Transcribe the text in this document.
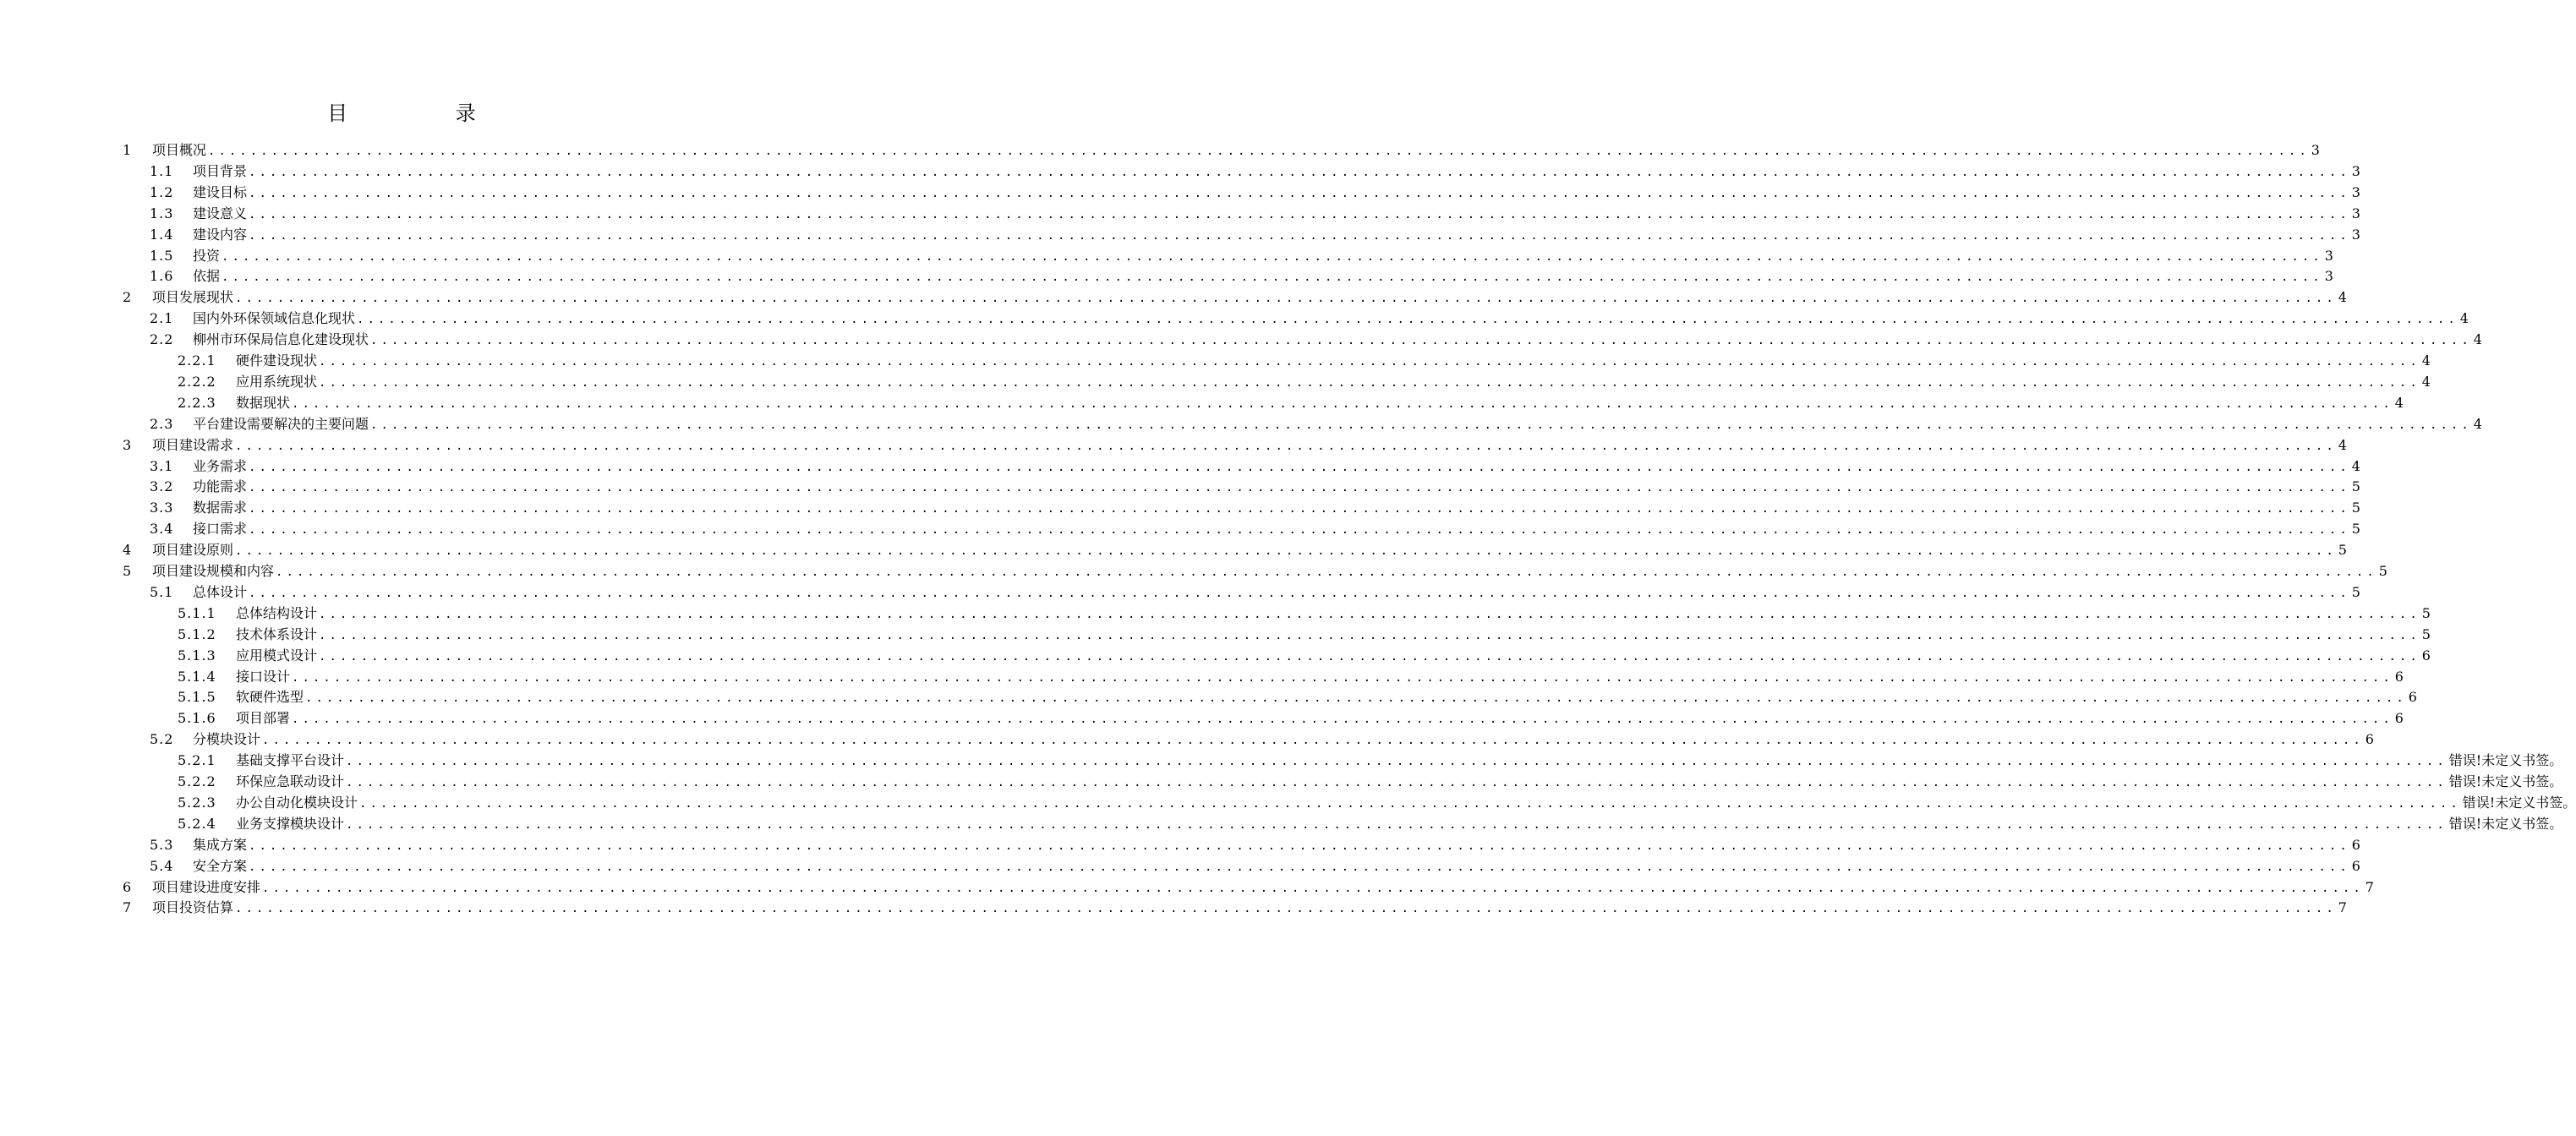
目 录
1	项目概况 ........................................................................................................................................................................................................ 3
1.1	项目背景 ........................................................................................................................................................................................................ 3
1.2	建设目标 ........................................................................................................................................................................................................ 3
1.3	建设意义 ........................................................................................................................................................................................................ 3
1.4	建设内容 ........................................................................................................................................................................................................ 3
1.5	投资 ........................................................................................................................................................................................................ 3
1.6	依据 ........................................................................................................................................................................................................ 3
2	项目发展现状 ........................................................................................................................................................................................................ 4
2.1	国内外环保领域信息化现状 ........................................................................................................................................................................................................ 4
2.2	柳州市环保局信息化建设现状 ........................................................................................................................................................................................................ 4
2.2.1	硬件建设现状 ........................................................................................................................................................................................................ 4
2.2.2	应用系统现状 ........................................................................................................................................................................................................ 4
2.2.3	数据现状 ........................................................................................................................................................................................................ 4
2.3	平台建设需要解决的主要问题 ........................................................................................................................................................................................................ 4
3	项目建设需求 ........................................................................................................................................................................................................ 4
3.1	业务需求 ........................................................................................................................................................................................................ 4
3.2	功能需求 ........................................................................................................................................................................................................ 5
3.3	数据需求 ........................................................................................................................................................................................................ 5
3.4	接口需求 ........................................................................................................................................................................................................ 5
4	项目建设原则 ........................................................................................................................................................................................................ 5
5	项目建设规模和内容 ........................................................................................................................................................................................................ 5
5.1	总体设计 ........................................................................................................................................................................................................ 5
5.1.1	总体结构设计 ........................................................................................................................................................................................................ 5
5.1.2	技术体系设计 ........................................................................................................................................................................................................ 5
5.1.3	应用模式设计 ........................................................................................................................................................................................................ 6
5.1.4	接口设计 ........................................................................................................................................................................................................ 6
5.1.5	软硬件选型 ........................................................................................................................................................................................................ 6
5.1.6	项目部署 ........................................................................................................................................................................................................ 6
5.2	分模块设计 ........................................................................................................................................................................................................ 6
5.2.1	基础支撑平台设计 ........................................................................................................................................................................................................ 错误!未定义书签。
5.2.2	环保应急联动设计 ........................................................................................................................................................................................................ 错误!未定义书签。
5.2.3	办公自动化模块设计 ........................................................................................................................................................................................................ 错误!未定义书签。
5.2.4	业务支撑模块设计 ........................................................................................................................................................................................................ 错误!未定义书签。
5.3	集成方案 ........................................................................................................................................................................................................ 6
5.4	安全方案 ........................................................................................................................................................................................................ 6
6	项目建设进度安排 ........................................................................................................................................................................................................ 7
7	项目投资估算 ........................................................................................................................................................................................................ 7
